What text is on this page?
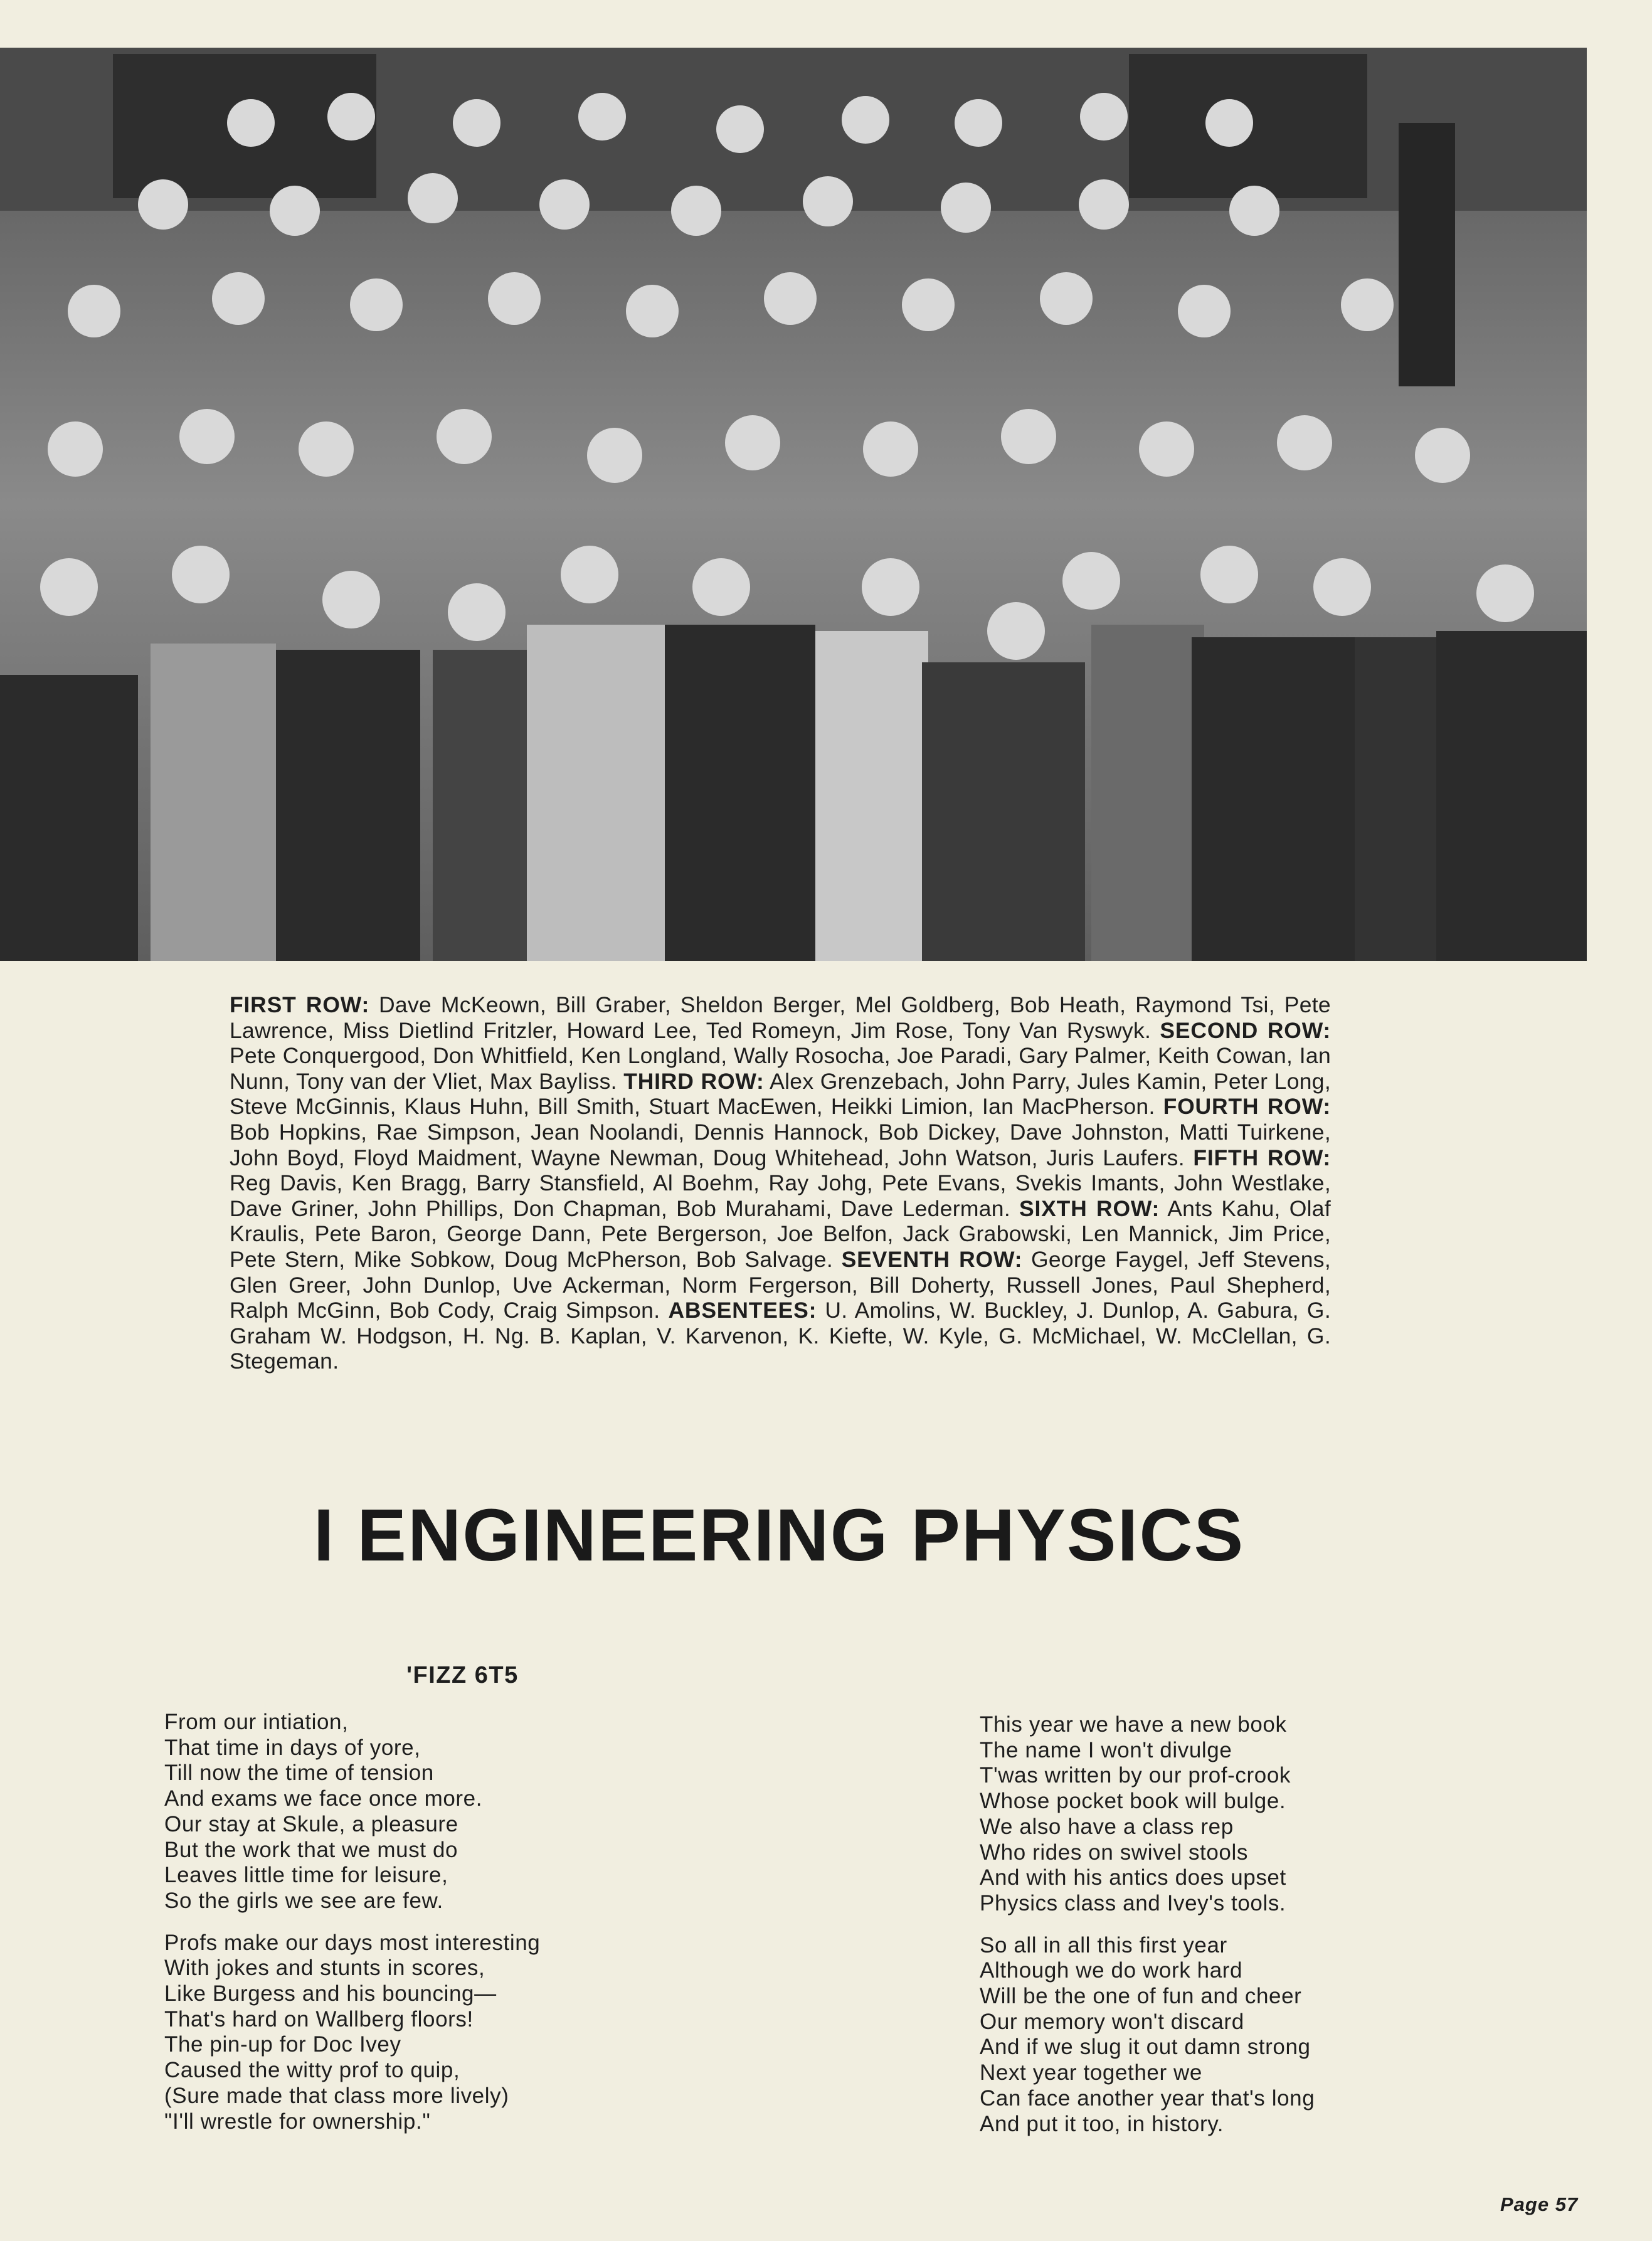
FIRST ROW: Dave McKeown, Bill Graber, Sheldon Berger, Mel Goldberg, Bob Heath, Raymond Tsi, Pete Lawrence, Miss Dietlind Fritzler, Howard Lee, Ted Romeyn, Jim Rose, Tony Van Ryswyk. SECOND ROW: Pete Conquergood, Don Whitfield, Ken Longland, Wally Rosocha, Joe Paradi, Gary Palmer, Keith Cowan, Ian Nunn, Tony van der Vliet, Max Bayliss. THIRD ROW: Alex Grenzebach, John Parry, Jules Kamin, Peter Long, Steve McGinnis, Klaus Huhn, Bill Smith, Stuart MacEwen, Heikki Limion, Ian MacPherson. FOURTH ROW: Bob Hopkins, Rae Simpson, Jean Noolandi, Dennis Hannock, Bob Dickey, Dave Johnston, Matti Tuirkene, John Boyd, Floyd Maidment, Wayne Newman, Doug Whitehead, John Watson, Juris Laufers. FIFTH ROW: Reg Davis, Ken Bragg, Barry Stansfield, Al Boehm, Ray Johg, Pete Evans, Svekis Imants, John Westlake, Dave Griner, John Phillips, Don Chapman, Bob Murahami, Dave Lederman. SIXTH ROW: Ants Kahu, Olaf Kraulis, Pete Baron, George Dann, Pete Bergerson, Joe Belfon, Jack Grabowski, Len Mannick, Jim Price, Pete Stern, Mike Sobkow, Doug McPherson, Bob Salvage. SEVENTH ROW: George Faygel, Jeff Stevens, Glen Greer, John Dunlop, Uve Ackerman, Norm Fergerson, Bill Doherty, Russell Jones, Paul Shepherd, Ralph McGinn, Bob Cody, Craig Simpson. ABSENTEES: U. Amolins, W. Buckley, J. Dunlop, A. Gabura, G. Graham W. Hodgson, H. Ng. B. Kaplan, V. Karvenon, K. Kiefte, W. Kyle, G. McMichael, W. McClellan, G. Stegeman.
I ENGINEERING PHYSICS
'FIZZ 6T5
From our intiation,
That time in days of yore,
Till now the time of tension
And exams we face once more.
Our stay at Skule, a pleasure
But the work that we must do
Leaves little time for leisure,
So the girls we see are few.
Profs make our days most interesting
With jokes and stunts in scores,
Like Burgess and his bouncing—
That's hard on Wallberg floors!
The pin-up for Doc Ivey
Caused the witty prof to quip,
(Sure made that class more lively)
"I'll wrestle for ownership."
This year we have a new book
The name I won't divulge
T'was written by our prof-crook
Whose pocket book will bulge.
We also have a class rep
Who rides on swivel stools
And with his antics does upset
Physics class and Ivey's tools.
So all in all this first year
Although we do work hard
Will be the one of fun and cheer
Our memory won't discard
And if we slug it out damn strong
Next year together we
Can face another year that's long
And put it too, in history.
Page 57
